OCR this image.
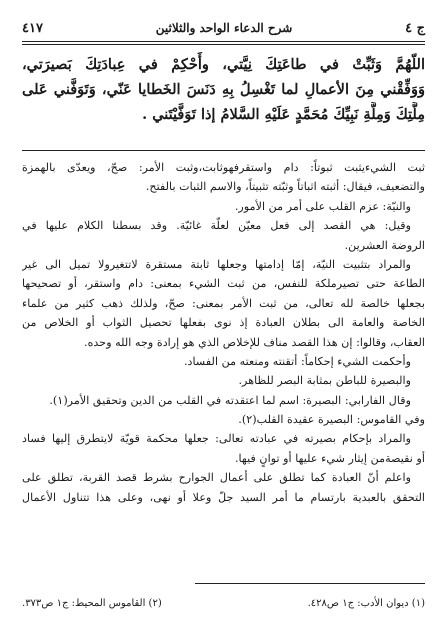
ج ٤
شرح الدعاء الواحد والثلاثين
٤١٧
اللّهُمَّ وَثَبِّتْ في طاعَتِكَ نِيَّتي، وأَحْكِمْ في عِبادَتِكَ بَصيرَتي،
وَوَفِّقْني مِنَ الأعمالِ لما تَغْسِلُ بِهِ دَنَسَ الخَطايا عَنّي، وَتَوَفَّني عَلى
مِلَّتِكَ وَمِلَّةِ نَبِيِّكَ مُحَمَّدٍ عَلَيْهِ السَّلامُ إذا تَوَفَّيْتَني .
ثبت الشيءيثبت ثبوتاً: دام واستقرفهوثابت،وثبت الأمر: صحّ، ويعدّى بالهمزة
والتضعيف، فيقال: أثبته اثباتاً وثبّته تثبيتاً، والاسم الثبات بالفتح.
والنيّة: عزم القلب على أمر من الأمور.
وقيل: هي القصد إلى فعل معيّن لعلّة غائيّة. وقد بسطنا الكلام عليها في
الروضة العشرين.
والمراد بتثبيت النيّة، إمّا إدامتها وجعلها ثابتة مستقرة لاتتغيرولا تميل الى غير
الطاعة حتى تصيرملكة للنفس، من ثبت الشيء بمعنى: دام واستقر، أو تصحيحها
بجعلها خالصة لله تعالى، من ثبت الأمر بمعنى: صحّ، ولذلك ذهب كثير من علماء
الخاصة والعامة الى بطلان العبادة إذ نوى بفعلها تحصيل الثواب أو الخلاص من
العقاب، وقالوا: إن هذا القصد مناف للإخلاص الذي هو إرادة وجه الله وحده.
وأحكمت الشيء إحكاماً: أتقنته ومنعته من الفساد.
والبصيرة للباطن بمثابة البصر للظاهر.
وقال الفارابي: البصيرة: اسم لما اعتقدته في القلب من الدين وتحقيق الأمر(١).
وفي القاموس: البصيرة عقيدة القلب(٢).
والمراد بإحكام بصيرته في عبادته تعالى: جعلها محكمة قويّة لايتطرق إليها فساد
أو نقيصةمن إيثار شيء عليها أو توانٍ فيها.
واعلم أنّ العبادة كما تطلق على أعمال الجوارح بشرط قصد القربة، تطلق على
التحقق بالعبدية بارتسام ما أمر السيد جلّ وعلا أو نهى، وعلى هذا تتناول الأعمال
(١) ديوان الأدب: ج١ ص٤٢٨.
(٢) القاموس المحيط: ج١ ص٣٧٣.
